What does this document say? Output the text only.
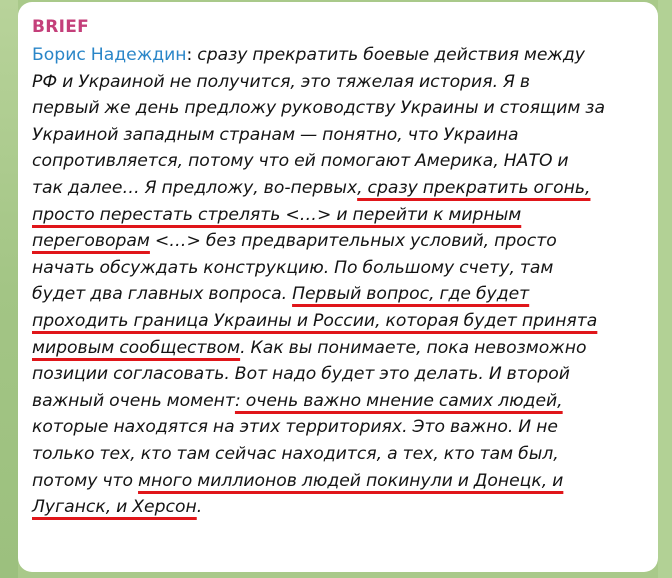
BRIEF

Борис Надеждин: сразу прекратить боевые действия между
РФ и Украиной не получится, это тяжелая история. Я в
первый же день предложу руководству Украины и стоящим за
Украиной западным странам — понятно, что Украина
сопротивляется, потому что ей помогают Америка, НАТО и
так далее… Я предложу, во-первых, сразу прекратить огонь,
просто перестать стрелять <…> и перейти к мирным
переговорам <…> без предварительных условий, просто
начать обсуждать конструкцию. По большому счету, там
будет два главных вопроса. Первый вопрос, где будет
проходить граница Украины и России, которая будет принята
мировым сообществом. Как вы понимаете, пока невозможно
позиции согласовать. Вот надо будет это делать. И второй
важный очень момент: очень важно мнение самих людей,
которые находятся на этих территориях. Это важно. И не
только тех, кто там сейчас находится, а тех, кто там был,
потому что много миллионов людей покинули и Донецк, и
Луганск, и Херсон.
